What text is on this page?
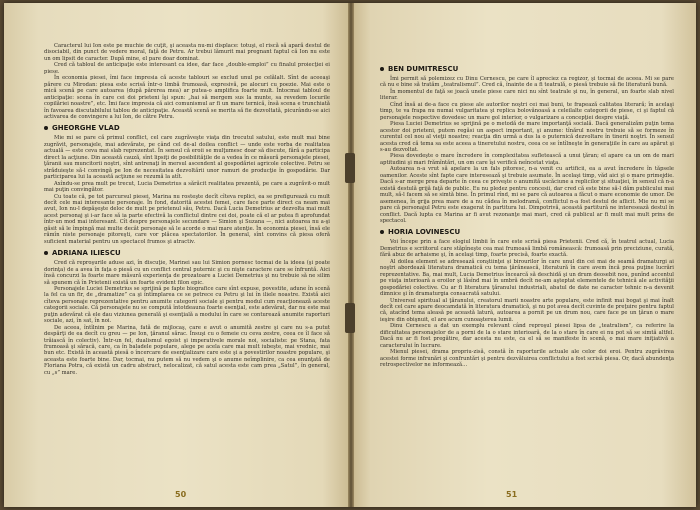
Caracterul lui Ion este pe muchie de cuţit, şi aceasta nu-mi displace: totuşi, el riscă să apară destul de disociabil, din punct de vedere moral, faţă de Petru. Ar trebui lămurit mai pregnant faptul că Ion nu este un om lipsit de caracter. După mine, el pare doar dominat.

Cred că tabloul de anticipaţie este interesant ca idee, dar face „double-emploi” cu finalul proiecţiei ei piese.

În economia piesei, îmi face impresia că aceste tablouri se exclud unul pe celălalt. Sînt de aceeaşi părere cu Mirodan: piesa este scrisă într-o limbă frumoasă, expresivă, pe alocuri cu poezie. Mai este o mică scenă pe care autoarea (după părerea mea) ar putea-o amplifica foarte mult. Întocmai tabloul de anticipaţie: scena în care cei doi prieteni îşi spun: „hai să mergem sus la munte, sa revedem locurile copilăriei noastre”, etc. Îmi face impresia că aici comunismul ar fi un mare ternică, însă scena e trunchiată în favoarea discutabilului tablou de anticipaţie. Această scenă se merita să fie dezvoltată, picurându-se aici activarea de convingere a lui Ion, de către Petru.

GHEORGHE VLAD

Mie mi se pare că primul conflict, cel care zugrăveşte viaţa din trecutul satului, este mult mai bine zugrăvit, personajele, mai adevărate, pe când cel de-al doilea conflict — unde este vorba de realitatea actuală — este ceva mai slab reprezentat. În sensul că eroii se mulţumesc doar să discute, fără a participa direct la acţiune. Din această cauză, sînt lipsiţi de posibilităţile de a vedea în ce măsură personajele piesei, ţăranii sau muncitorii noştri, sînt antrenaţi în mersul ascendent al gospodăriei agricole colective. Petru se străduieşte să-l convingă pe Ion de necesitatea dezvoltării unor ramuri de producţie în gospodărie. Dar participarea lui la această acţiune se rezumă la atît.

Axîndu-se prea mult pe trecut, Lucia Demetrius a sărăcit realitatea prezentă, pe care a zugrăvit-o mult mai puţin convingător.

Cu toate că, pe tot parcursul piesei, Marina nu rosteşte decît cîteva replici, ea se prefigurează cu mult decît cele mai interesante personaje. În fond, datorită acestei femei, care face parte direct ca neam mai avut, Ion nu-l depăşeşte deloc de mult pe prietenul său, Petru. Dacă Lucia Demetrius ar dezvolta mai mult acest personaj şi i-ar face să ia parte efectivă la conflictul dintre cei doi, poate că el ar putea fi aprofundat într-un mod mai interesant. Cît despre personajele secundare — Simion şi Suzana —, nici autoarea nu a-şi găsit să le împingă mai multe decât personaje să le acorde o mai mare atenţie. În economia piesei, însă ele rămîn niste personaje pitoreşti, care vor plăcea spectatorilor. În general, sînt convins că piesa oferă suficient material pentru un spectacol frumos şi atractiv.

ADRIANA ILIESCU

Cred că reproşurile aduse azi, în discuţie, Marinei sau lui Simion pornesc tocmai de la ideea (şi poate dorinţa) de a avea în faţa o piesă cu un conflict central puternic şi cu nişte caractere care se înfruntă. Aici însă concurzi la foarte mare măsură experienţa de prozatoare a Luciei Demetrius şi nu trebuie să ne silim să spunem că în Prietenii există un foarte evident filon epic.

Personajele Luciei Demetrius se sprijină pe fapte biografice care sînt expuse, povestite, adune în scenă la fel ca un fir, de „dramatize” ca şi întîmplarea ce se petrece cu Petru şi lui în iliele noastre. Există aici cîteva personaje reprezentative pentru anumite categorii sociale şi pentru modul cum reacţionează aceste categorii sociale. Că personajele nu se compută întotdeauna foarte esenţial, este adevărat, dar nu este mai puţin adevărat că ele dau viziunea generală şi esenţială a modului în care se conturează anumite raporturi sociale, azi, în sat, în noi.

De aceea, întîlnim pe Marina, fată de mijlocaş, care e avut o anumită zestre şi care nu s-a putut despărţi de ea decît cu greu — pe Ion, ţăranul sărac. Însuşi cu o femeie cu ceva zestre, ceea ce îl face să trăiască în colectiv). Într-un fel, dualismul egoist şi imperativele morale noi, socialiste: pe Stana, fata frumoasă şi săracă, care, ca în baladele populare, alege pe acela care mai mult iubeşte, mai vrednic, mai bun etc. Există în această piesă o încercare de esenţializare care este şi a povestirilor noastre populare, şi aceasta este foarte bine. Dar, tocmai, nu putem să nu vedem şi o anume neîmplinire, ca cea enunţată de Floriana Potra, că există un cadru abstract, nelocalizat, că satul acesta este cam prea „Satul”, în general, cu „s” mare.

50
BEN DUMITRESCU

Îmi permit să polemizez cu Dinu Cernescu, pe care îl apreciez ca regizor, şi tocmai de aceea. Mi se pare că nu e bine să tratăm „teatralismul”. Cred că, înainte de a fi teatrală, o piesă trebuie să fie literatură bună.

În momentul de faţă se joacă unele piese care nici nu sînt teatrale şi nu, în general, un foarte slab nivel literar.

Cînd însă ai de-a face cu piese ale autorilor noştri cei mai buni, te frapează calitatea literară; în acelaşi timp, te va frapa nu numai vulgaritatea şi replica bolovănoasă a celeilalte categorii de piese, ci şi faptul că personajele respective dovedesc un mare gol interior, o vulgarizare a concepţiei despre viaţă.

Piesa Luciei Demetrius se sprijină pe o metodă de mare importanţă socială. Dacă generalizăm puţin tema acestor doi prieteni, putem regăsi un aspect important, şi anume: tînărul nostru trebuie să se formeze în curentul cel nou al vieţii noastre; reacţia din urmă a dus la o puternică dezvoltare în tinerii noştri. În sensul acesta cred că tema sa este aceea a tineretului nostru, ceea ce se întîlneşte în generaţiile în care au apărut şi s-au dezvoltat.

Piesa dovedeşte o mare încredere în complexitatea sufletească a unui ţăran; el apare ca un om de mari aptitudini şi mari frămîntări, un om care îşi verifică neîncetat viaţa.

Autoarea n-a vrut să apelare la un fals pitoresc, n-a venit cu artificii, ea a avut încredere în tăpsele oamenilor. Aceste sînt fapte care interesează şi trebuie asumate. În acelaşi timp, văd aici şi o mare primejdie. Dacă s-ar merge prea departe în ceea ce priveşte o anumită uscăciune a replicilor şi situaţiei, în sensul că n-a există destulă grijă faţă de public. Eu nu pledez pentru concesii, dar cred că este bine să-l dăm publicului mai mult, să-l facem să se simtă bine. În primul rînd, mi se pare că autoarea a făcut o mare economie de umor. De asemenea, în grija prea mare de a nu cădea în melodramă, conflictul n-a fost destul de aflicit. Mie nu mi se pare că personajul Petru este exagerat în partitura lui. Dimpotrivă, această partitură ne interesează destul în conflict. Dacă lupta cu Marina ar fi avut rezonanţe mai mari, cred că publicul ar fi mult mai mult prins de spectacol.

HORIA LOVINESCU

Voi începe prin a face elogiul limbii în care este scrisă piesa Prietenii. Cred că, în teatrul actual, Lucia Demetrius e scriitorul care stăpîneşte cea mai frumoasă limbă românească: frumoasă prin preciziune, curată, fără abuz de arhaisme şi, în acelaşi timp, foarte precisă, foarte exactă.

Al doilea element se adresează conştiinţei și birourilor în care unul din cei mai de seamă dramaturgi ai noştri abordează literatura dramatică cu tema ţărănească, literatură în care avem încă prea puţine lucrări reprezentative. Ba, mai mult, Lucia Demetrius încearcă să deschidă şi un drum deosebit nou, punînd accentul pe viaţa interioară a eroilor şi lăsînd mai în umbră decît ne-am aşteptat elementele de tehnică ale activităţii gospodăriei colective. Cu ar fi literatura ţăranului industriali, abatul de date ne caracter tehnic n-a devenit dimnice şi în dramaturgia consacrată satului.

Universul spiritual al ţăranului, creatorul marii noastre arte populare, este infinit mai bogat şi mai înalt decît cel care apare deocamdată în literatura dramatică, şi nu pot avea decît cuvinte de preţuire pentru faptul că, atacînd tema aleasă pe această latură, autoarea a pornit pe un drum nou, care face pe un ţăran o mare ieşire din obişnuit, el are acum cunoaşterea lumii.

Dinu Cernescu a dat un exemplu relevant când reproşul piesei lipsa de „teatralism”, ca referire la dificultatea personajelor de a porni de la o stare interioară, de la o stare în care ei nu pot să se simtă altfel. Dacă nu ar fi fost pregătire, dar acesta nu este, ca el să se manifeste în scenă, o mai mare iniţiativă a caracterului în lucrare.

Mienul piesei, drama propriu-zisă, constă în raporturile actuale ale celor doi eroi. Pentru zugrăvirea acestei forme infrunări şi confruntări şi pentru dezvăluirea conflictului a fost scrisă piesa. Or, dacă abundenţa retrospectivelor ne informează...

51
